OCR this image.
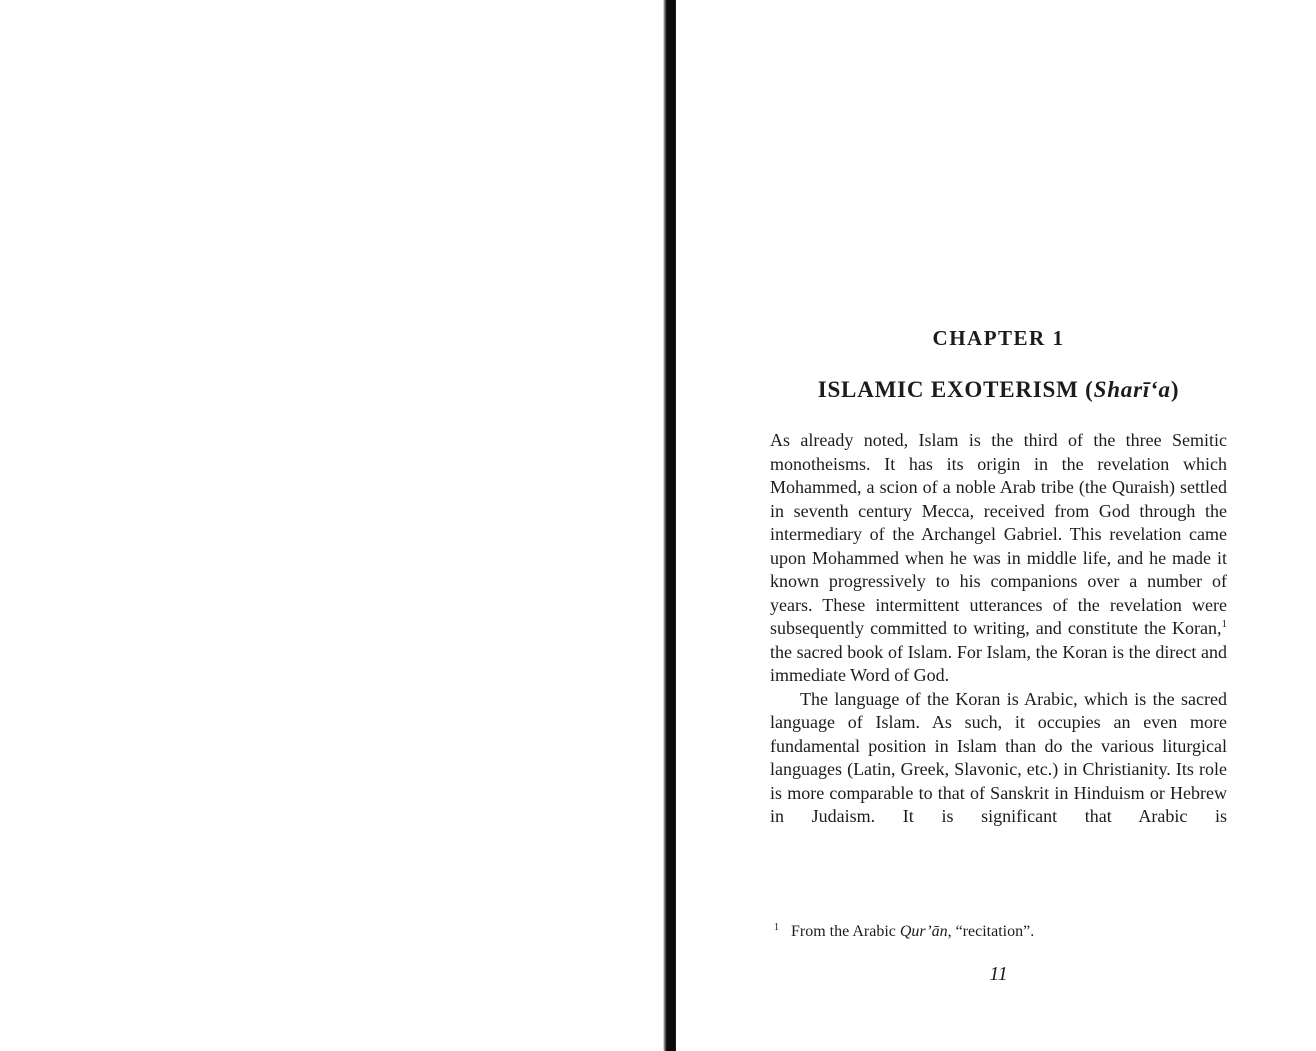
CHAPTER 1
ISLAMIC EXOTERISM (Sharī‘a)

As already noted, Islam is the third of the three Semitic monotheisms. It has its origin in the revelation which Mohammed, a scion of a noble Arab tribe (the Quraish) settled in seventh century Mecca, received from God through the intermediary of the Archangel Gabriel. This revelation came upon Mohammed when he was in middle life, and he made it known progressively to his companions over a number of years. These intermittent utterances of the revelation were subsequently committed to writing, and constitute the Koran,$^1$ the sacred book of Islam. For Islam, the Koran is the direct and immediate Word of God.

The language of the Koran is Arabic, which is the sacred language of Islam. As such, it occupies an even more fundamental position in Islam than do the various liturgical languages (Latin, Greek, Slavonic, etc.) in Christianity. Its role is more comparable to that of Sanskrit in Hinduism or Hebrew in Judaism. It is significant that Arabic is

$^1$ From the Arabic Qur’ān, “recitation”.
11
